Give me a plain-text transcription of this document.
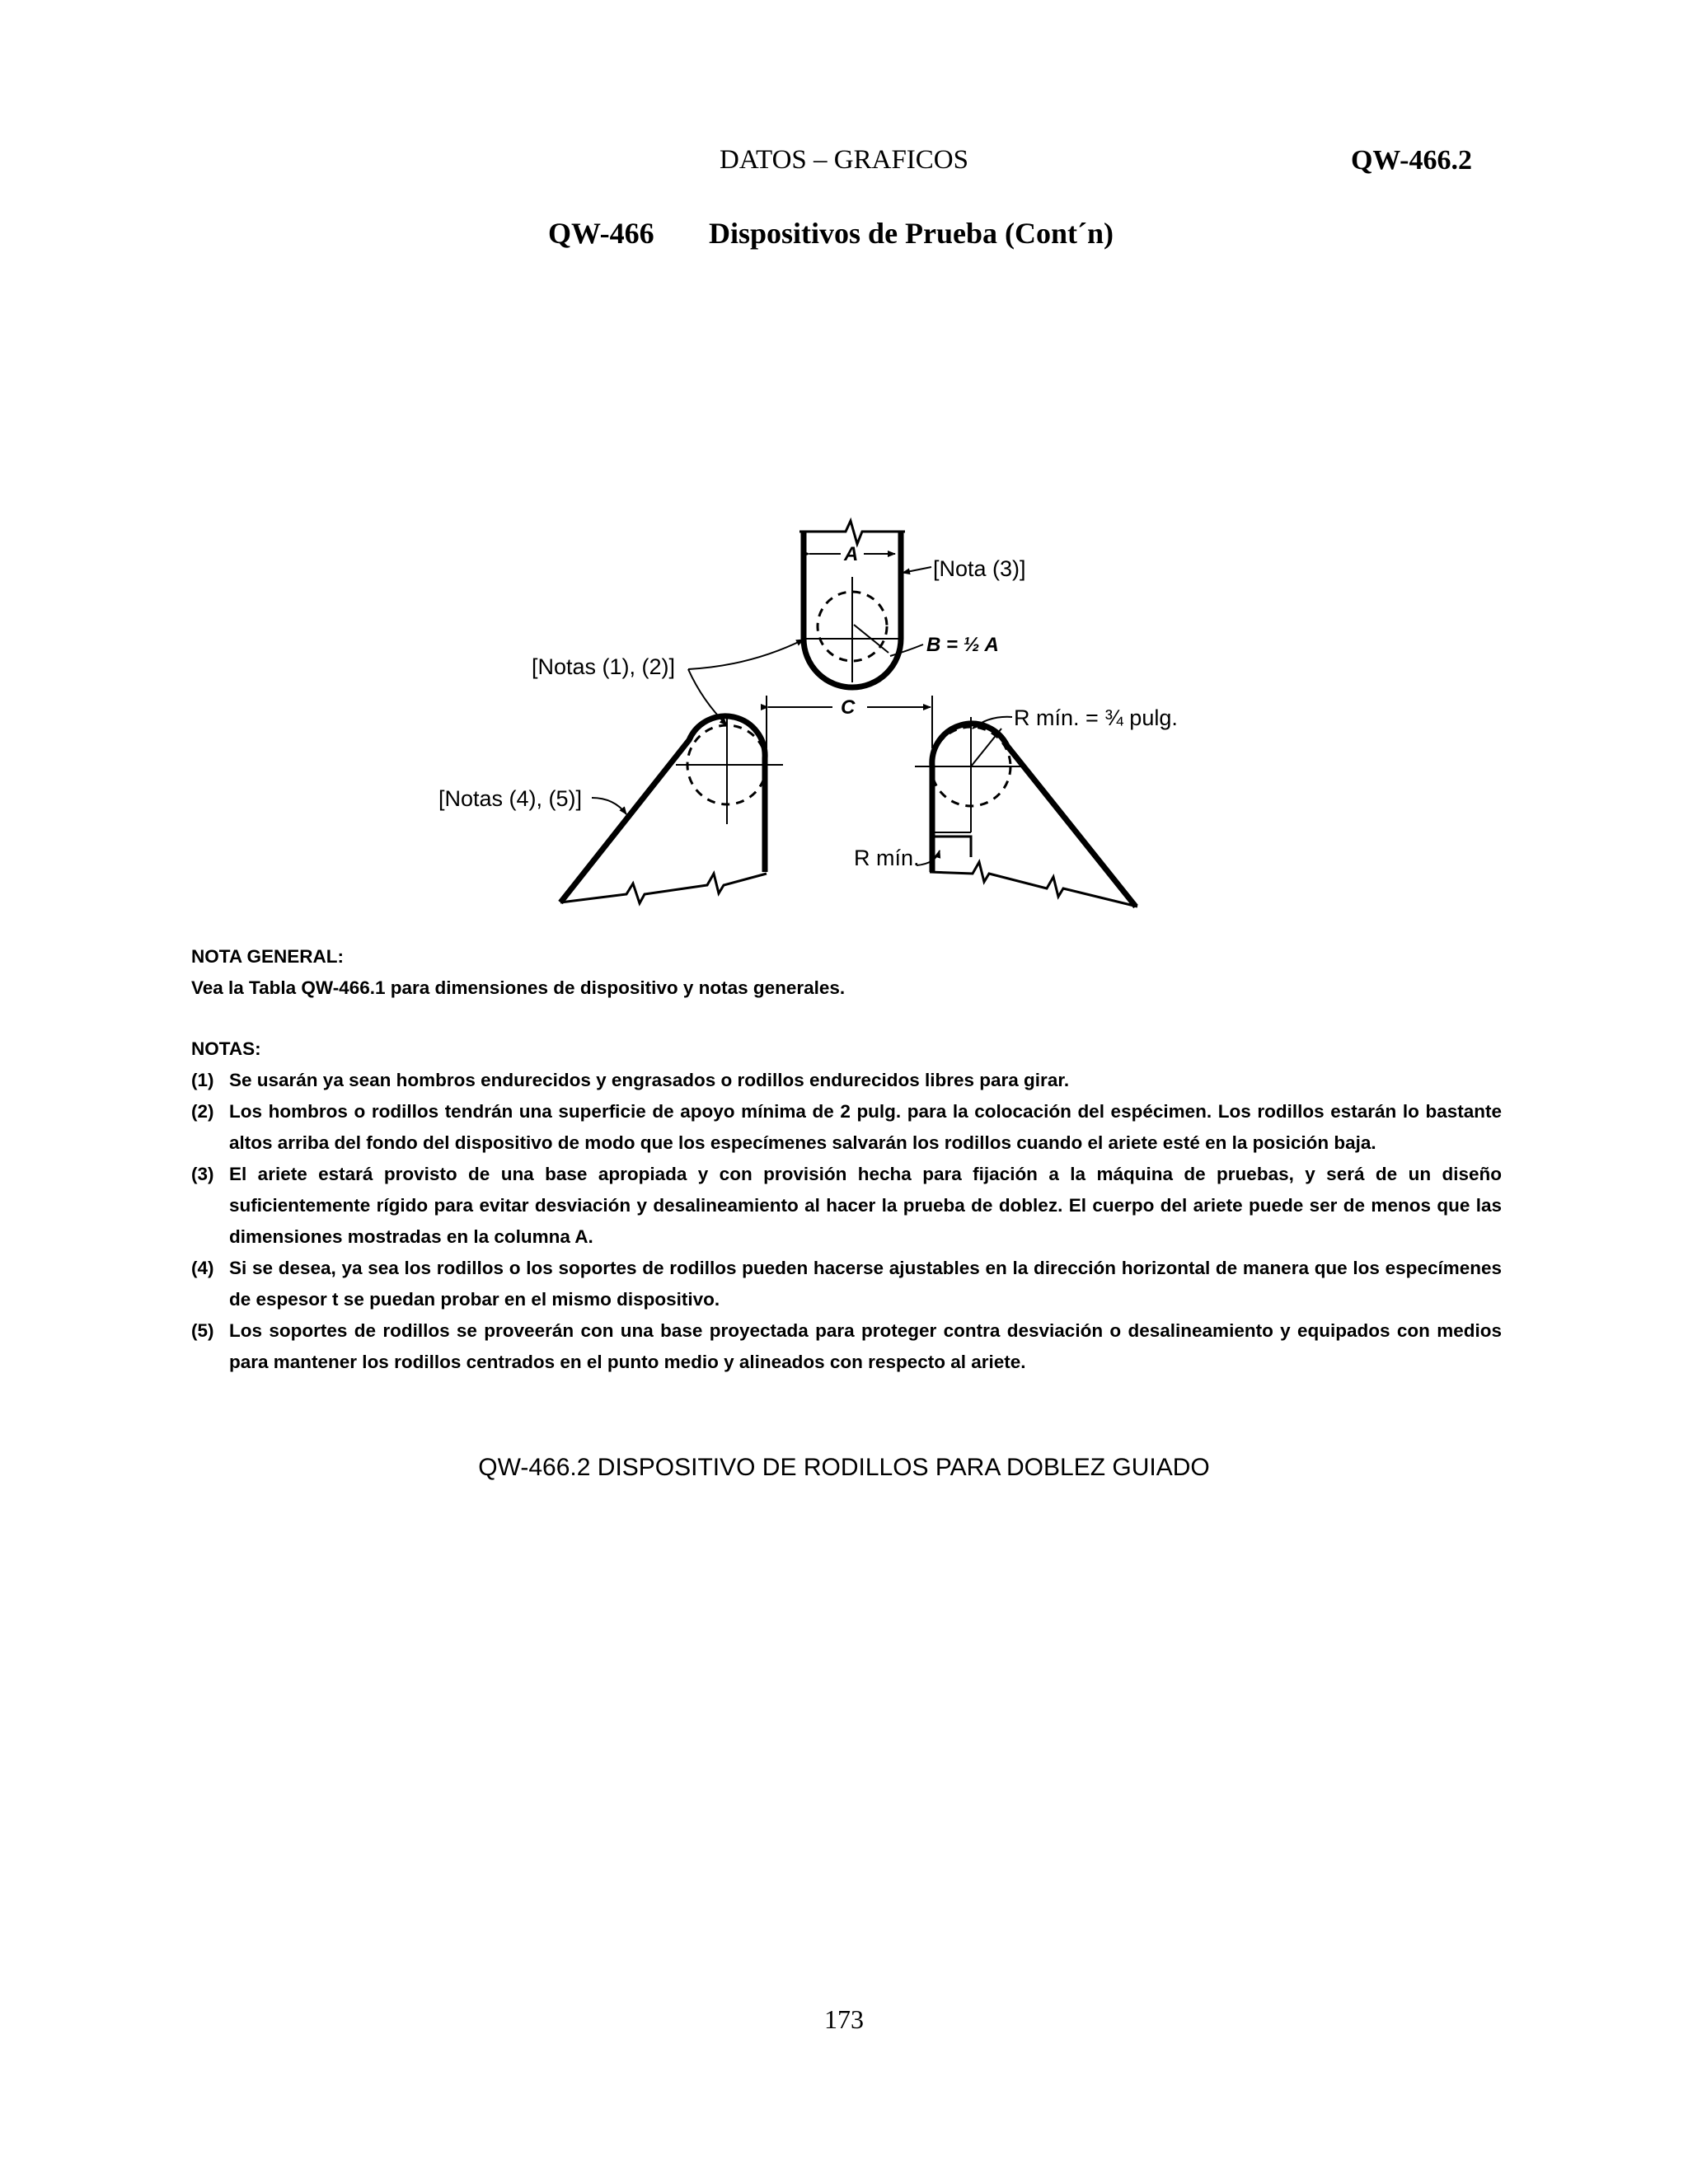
DATOS – GRAFICOS	QW-466.2
QW-466 Dispositivos de Prueba (Cont´n)
A
[Nota (3)]
B = ½ A
[Notas (1), (2)]
[Notas (4), (5)]
C	R mín. = ¾ pulg.
R mín.

NOTA GENERAL:

Vea la Tabla QW-466.1 para dimensiones de dispositivo y notas generales.

NOTAS:

(1) Se usarán ya sean hombros endurecidos y engrasados o rodillos endurecidos libres para girar.
(2) Los hombros o rodillos tendrán una superficie de apoyo mínima de 2 pulg. para la colocación del espécimen. Los rodillos estarán lo bastante altos arriba del fondo del dispositivo de modo que los especímenes salvarán los rodillos cuando el ariete esté en la posición baja.
(3) El ariete estará provisto de una base apropiada y con provisión hecha para fijación a la máquina de pruebas, y será de un diseño suficientemente rígido para evitar desviación y desalineamiento al hacer la prueba de doblez. El cuerpo del ariete puede ser de menos que las dimensiones mostradas en la columna A.
(4) Si se desea, ya sea los rodillos o los soportes de rodillos pueden hacerse ajustables en la dirección horizontal de manera que los especímenes de espesor t se puedan probar en el mismo dispositivo.
(5) Los soportes de rodillos se proveerán con una base proyectada para proteger contra desviación o desalineamiento y equipados con medios para mantener los rodillos centrados en el punto medio y alineados con respecto al ariete.
QW-466.2 DISPOSITIVO DE RODILLOS PARA DOBLEZ GUIADO
173
